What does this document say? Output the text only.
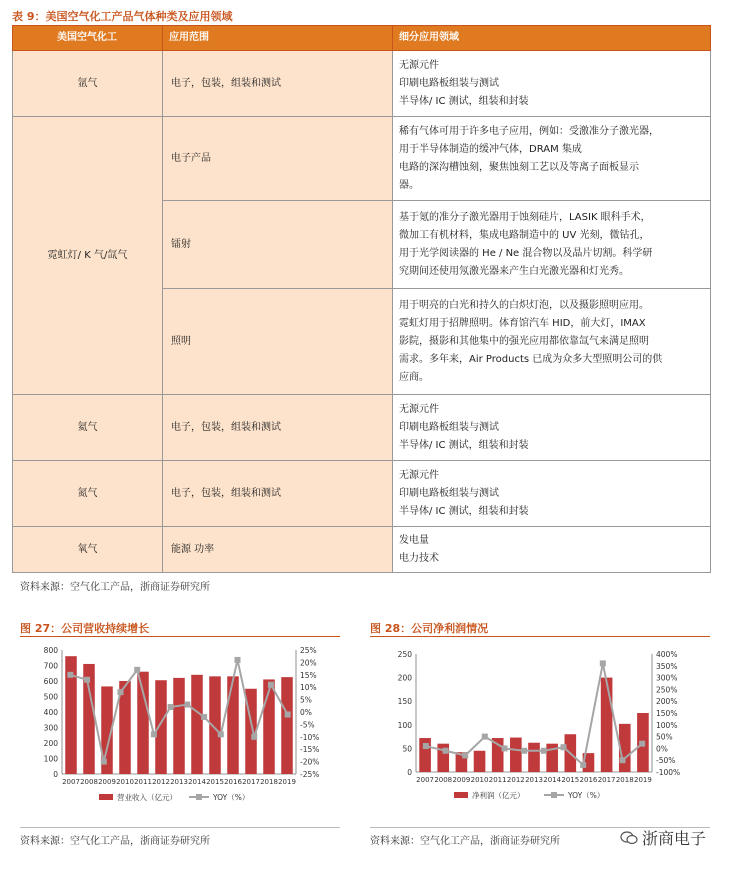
表 9：美国空气化工产品气体种类及应用领域
美国空气化工	应用范围	细分应用领域
氩气	电子，包装，组装和测试	无源元件
印刷电路板组装与测试
半导体/ IC 测试，组装和封装

霓虹灯/ K 气/氙气	电子产品	稀有气体可用于许多电子应用，例如：受激准分子激光器，
用于半导体制造的缓冲气体，DRAM 集成
电路的深沟槽蚀刻，聚焦蚀刻工艺以及等离子面板显示
器。

	镭射	基于氪的准分子激光器用于蚀刻硅片，LASIK 眼科手术，
微加工有机材料，集成电路制造中的 UV 光刻，微钻孔，
用于光学阅读器的 He / Ne 混合物以及晶片切割。科学研
究期间还使用氖激光器来产生白光激光器和灯光秀。

	照明	用于明亮的白光和持久的白炽灯泡，以及摄影照明应用。
霓虹灯用于招牌照明。体育馆汽车 HID，前大灯，IMAX
影院，摄影和其他集中的强光应用都依靠氙气来满足照明
需求。多年来，Air Products 已成为众多大型照明公司的供
应商。

氦气	电子，包装，组装和测试	无源元件
印刷电路板组装与测试
半导体/ IC 测试，组装和封装

氮气	电子，包装，组装和测试	无源元件
印刷电路板组装与测试
半导体/ IC 测试，组装和封装

氧气	能源 功率	发电量
电力技术
资料来源：空气化工产品，浙商证券研究所
图 27：公司营收持续增长
0
100
200
300
400
500
600
700
800
-25%
-20%
-15%
-10%
-5%
0%
5%
10%
15%
20%
25%
2007 2008 2009 2010 2011 2012 2013 2014 2015 2016 2017 2018 2019
营业收入（亿元）	YOY（%）
图 28：公司净利润情况
0
50
100
150
200
250
-100%
-50%
0%
50%
100%
150%
200%
250%
300%
350%
400%
2007 2008 2009 2010 2011 2012 2013 2014 2015 2016 2017 2018 2019
净利润（亿元）	YOY（%）
资料来源：空气化工产品，浙商证券研究所	资料来源：空气化工产品，浙商证券研究所	浙商电子
